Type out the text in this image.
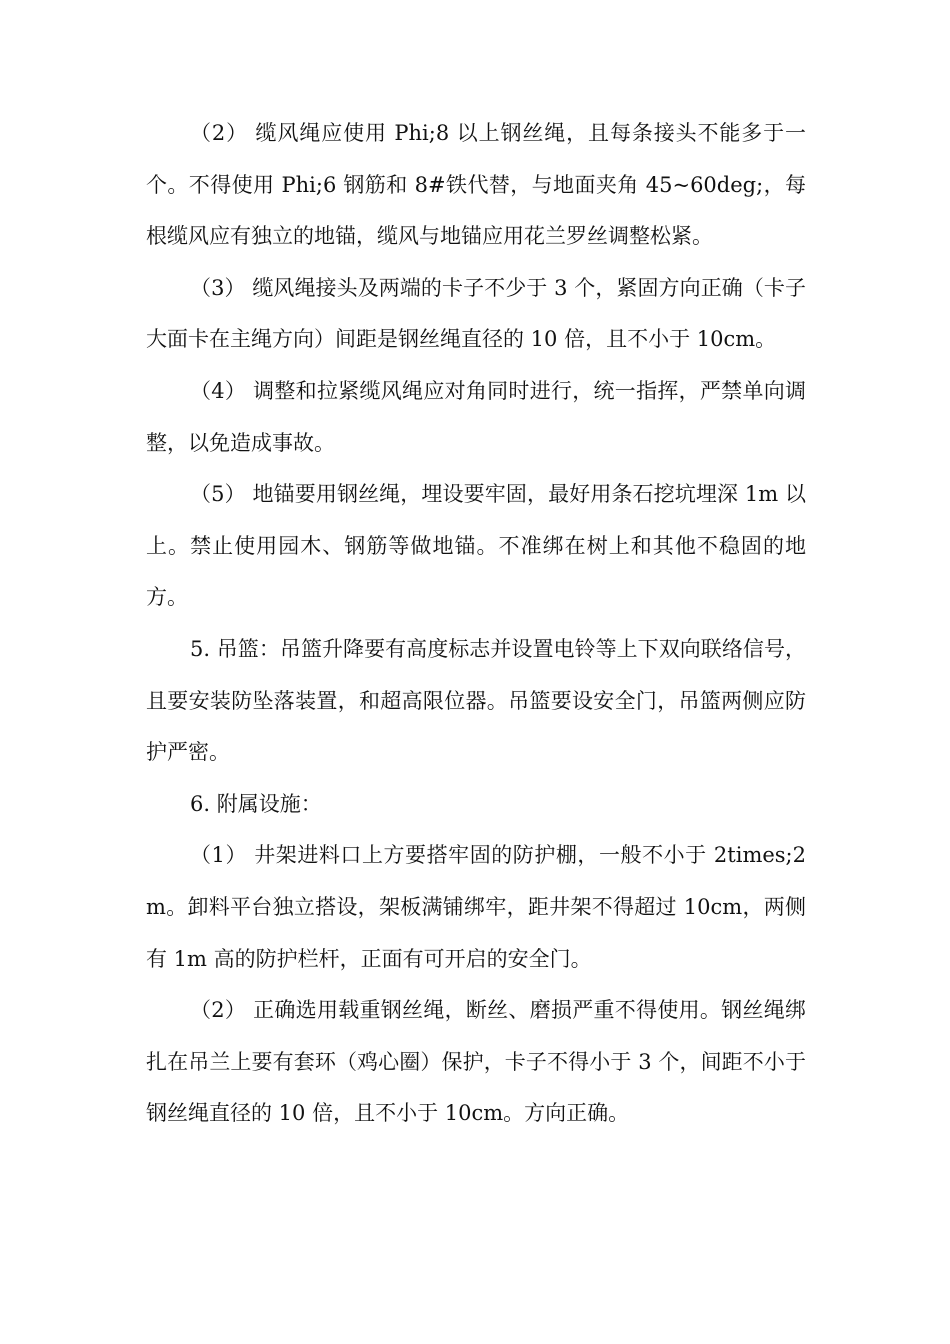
（2） 缆风绳应使用 Phi;8 以上钢丝绳，且每条接头不能多于一个。不得使用 Phi;6 钢筋和 8#铁代替，与地面夹角 45~60deg;，每根缆风应有独立的地锚，缆风与地锚应用花兰罗丝调整松紧。

（3） 缆风绳接头及两端的卡子不少于 3 个，紧固方向正确（卡子大面卡在主绳方向）间距是钢丝绳直径的 10 倍，且不小于 10cm。

（4） 调整和拉紧缆风绳应对角同时进行，统一指挥，严禁单向调整，以免造成事故。

（5） 地锚要用钢丝绳，埋设要牢固，最好用条石挖坑埋深 1m 以上。禁止使用园木、钢筋等做地锚。不准绑在树上和其他不稳固的地方。

5. 吊篮：吊篮升降要有高度标志并设置电铃等上下双向联络信号，且要安装防坠落装置，和超高限位器。吊篮要设安全门，吊篮两侧应防护严密。

6. 附属设施：

（1） 井架进料口上方要搭牢固的防护棚，一般不小于 2times;2m。卸料平台独立搭设，架板满铺绑牢，距井架不得超过 10cm，两侧有 1m 高的防护栏杆，正面有可开启的安全门。

（2） 正确选用载重钢丝绳，断丝、磨损严重不得使用。钢丝绳绑扎在吊兰上要有套环（鸡心圈）保护，卡子不得小于 3 个，间距不小于钢丝绳直径的 10 倍，且不小于 10cm。方向正确。
